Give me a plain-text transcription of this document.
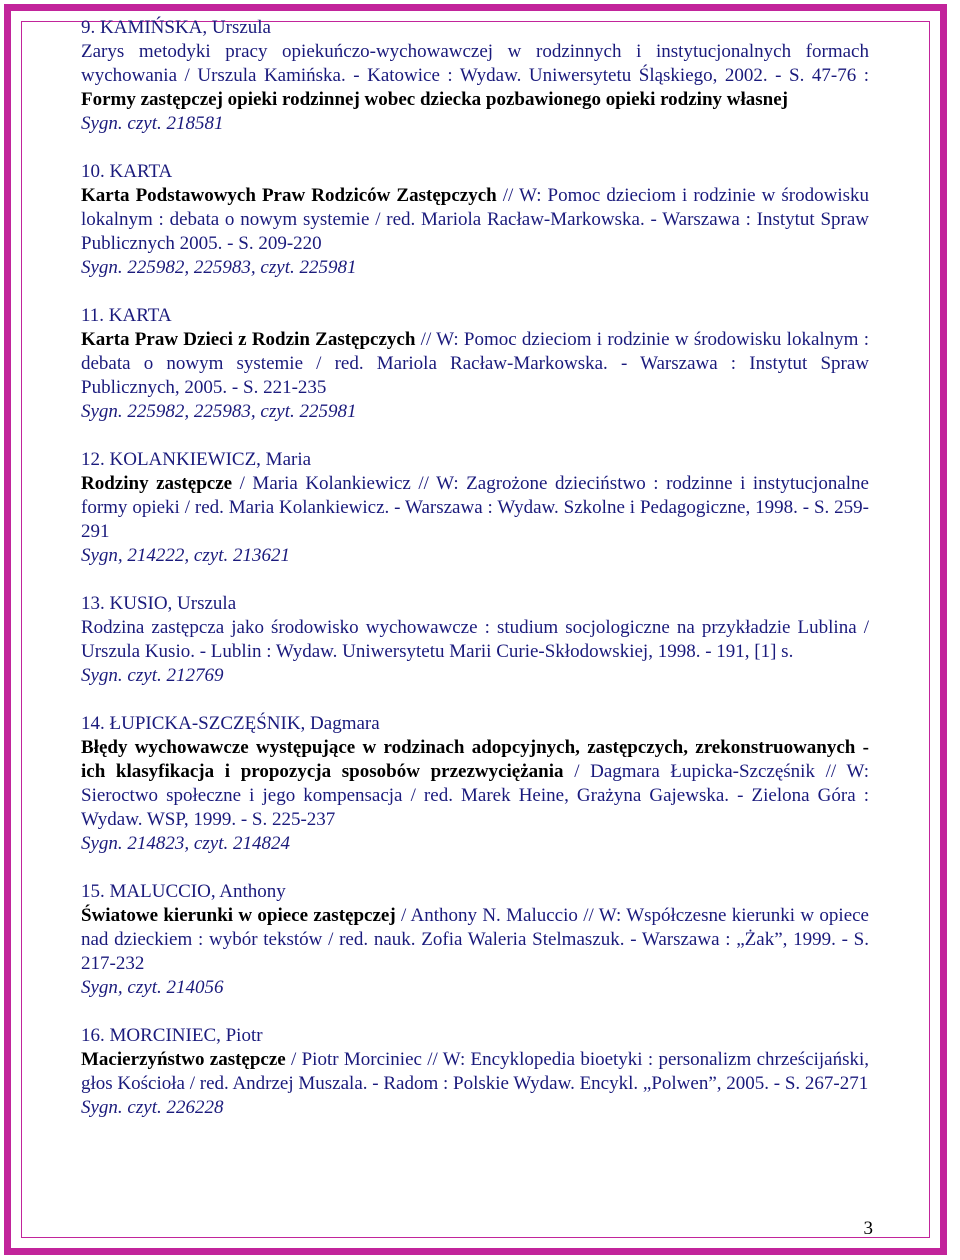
9. KAMIŃSKA, Urszula
Zarys metodyki pracy opiekuńczo-wychowawczej w rodzinnych i instytucjonalnych formach wychowania / Urszula Kamińska. - Katowice : Wydaw. Uniwersytetu Śląskiego, 2002. - S. 47-76 : Formy zastępczej opieki rodzinnej wobec dziecka pozbawionego opieki rodziny własnej
Sygn. czyt. 218581
10. KARTA
Karta Podstawowych Praw Rodziców Zastępczych // W: Pomoc dzieciom i rodzinie w środowisku lokalnym : debata o nowym systemie / red. Mariola Racław-Markowska. - Warszawa : Instytut Spraw Publicznych 2005. - S. 209-220
Sygn. 225982, 225983, czyt. 225981
11. KARTA
Karta Praw Dzieci z Rodzin Zastępczych // W: Pomoc dzieciom i rodzinie w środowisku lokalnym : debata o nowym systemie / red. Mariola Racław-Markowska. - Warszawa : Instytut Spraw Publicznych, 2005. - S. 221-235
Sygn. 225982, 225983, czyt. 225981
12. KOLANKIEWICZ, Maria
Rodziny zastępcze / Maria Kolankiewicz // W: Zagrożone dzieciństwo : rodzinne i instytucjonalne formy opieki / red. Maria Kolankiewicz. - Warszawa : Wydaw. Szkolne i Pedagogiczne, 1998. - S. 259-291
Sygn, 214222, czyt. 213621
13. KUSIO, Urszula
Rodzina zastępcza jako środowisko wychowawcze : studium socjologiczne na przykładzie Lublina / Urszula Kusio. - Lublin : Wydaw. Uniwersytetu Marii Curie-Skłodowskiej, 1998. - 191, [1] s.
Sygn. czyt. 212769
14. ŁUPICKA-SZCZĘŚNIK, Dagmara
Błędy wychowawcze występujące w rodzinach adopcyjnych, zastępczych, zrekonstruowanych - ich klasyfikacja i propozycja sposobów przezwyciężania / Dagmara Łupicka-Szczęśnik // W: Sieroctwo społeczne i jego kompensacja / red. Marek Heine, Grażyna Gajewska. - Zielona Góra : Wydaw. WSP, 1999. - S. 225-237
Sygn. 214823, czyt. 214824
15. MALUCCIO, Anthony
Światowe kierunki w opiece zastępczej / Anthony N. Maluccio // W: Współczesne kierunki w opiece nad dzieckiem : wybór tekstów / red. nauk. Zofia Waleria Stelmaszuk. - Warszawa : „Żak”, 1999. - S. 217-232
Sygn, czyt. 214056
16. MORCINIEC, Piotr
Macierzyństwo zastępcze / Piotr Morciniec // W: Encyklopedia bioetyki : personalizm chrześcijański, głos Kościoła / red. Andrzej Muszala. - Radom : Polskie Wydaw. Encykl. „Polwen”, 2005. - S. 267-271
Sygn. czyt. 226228
3
